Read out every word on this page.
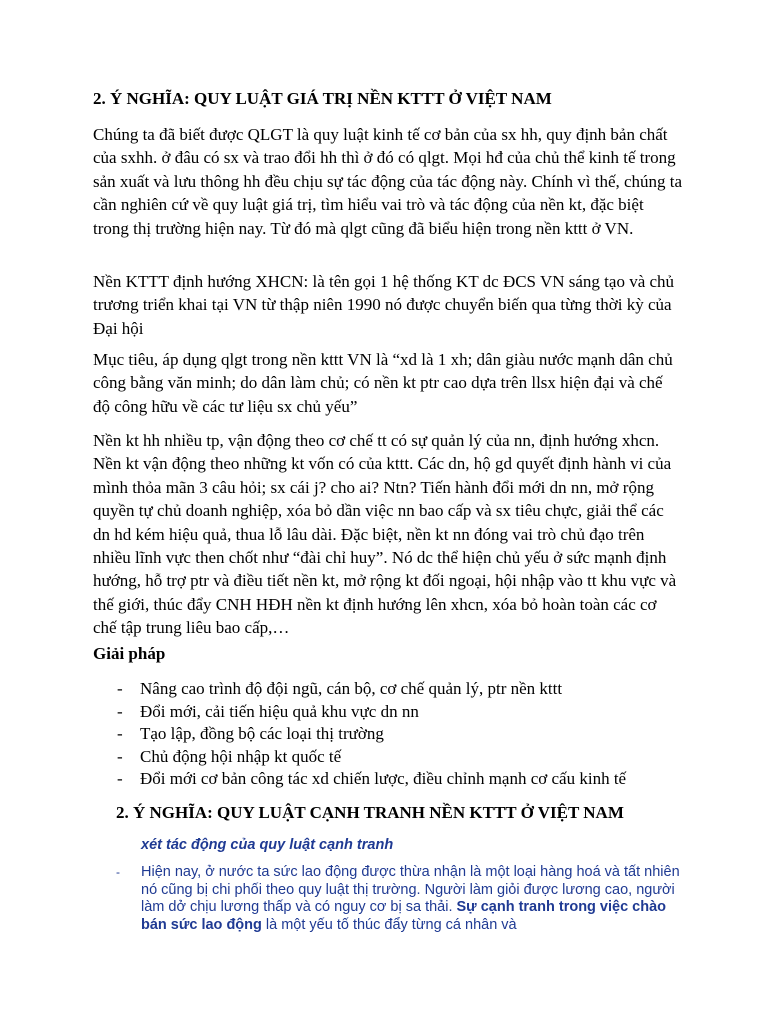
2. Ý NGHĨA: QUY LUẬT GIÁ TRỊ NỀN KTTT Ở VIỆT NAM

Chúng ta đã biết được QLGT là quy luật kinh tế cơ bản của sx hh, quy định bản chất của sxhh. ở đâu có sx và trao đổi hh thì ở đó có qlgt. Mọi hđ của chủ thể kinh tế trong sản xuất và lưu thông hh đều chịu sự tác động của tác động này. Chính vì thế, chúng ta cần nghiên cứ về quy luật giá trị, tìm hiểu vai trò và tác động của nền kt, đặc biệt trong thị trường hiện nay. Từ đó mà qlgt cũng đã biểu hiện trong nền kttt ở VN.

Nền KTTT định hướng XHCN: là tên gọi 1 hệ thống KT dc ĐCS VN sáng tạo và chủ trương triển khai tại VN từ thập niên 1990 nó được chuyển biến qua từng thời kỳ của Đại hội

Mục tiêu, áp dụng qlgt trong nền kttt VN là “xd là 1 xh; dân giàu nước mạnh dân chủ công bằng văn minh; do dân làm chủ; có nền kt ptr cao dựa trên llsx hiện đại và chế độ công hữu về các tư liệu sx chủ yếu”

Nền kt hh nhiều tp, vận động theo cơ chế tt có sự quản lý của nn, định hướng xhcn. Nền kt vận động theo những kt vốn có của kttt. Các dn, hộ gd quyết định hành vi của mình thỏa mãn 3 câu hỏi; sx cái j? cho ai? Ntn? Tiến hành đổi mới dn nn, mở rộng quyền tự chủ doanh nghiệp, xóa bỏ dần việc nn bao cấp và sx tiêu chực, giải thể các dn hd kém hiệu quả, thua lỗ lâu dài. Đặc biệt, nền kt nn đóng vai trò chủ đạo trên nhiều lĩnh vực then chốt như “đài chỉ huy”. Nó dc thể hiện chủ yếu ở sức mạnh định hướng, hỗ trợ ptr và điều tiết nền kt, mở rộng kt đối ngoại, hội nhập vào tt khu vực và thế giới, thúc đẩy CNH HĐH nền kt định hướng lên xhcn, xóa bỏ hoàn toàn các cơ chế tập trung liêu bao cấp,…

Giải pháp
-	Nâng cao trình độ đội ngũ, cán bộ, cơ chế quản lý, ptr nền kttt
-	Đổi mới, cải tiến hiệu quả khu vực dn nn
-	Tạo lập, đồng bộ các loại thị trường
-	Chủ động hội nhập kt quốc tế
-	Đổi mới cơ bản công tác xd chiến lược, điều chỉnh mạnh cơ cấu kinh tế
2. Ý NGHĨA: QUY LUẬT CẠNH TRANH NỀN KTTT Ở VIỆT NAM

xét tác động của quy luật cạnh tranh

-	Hiện nay, ở nước ta sức lao động được thừa nhận là một loại hàng hoá và tất nhiên nó cũng bị chi phối theo quy luật thị trường. Người làm giỏi được lương cao, người làm dở chịu lương thấp và có nguy cơ bị sa thải. Sự cạnh tranh trong việc chào bán sức lao động là một yếu tố thúc đẩy từng cá nhân và
